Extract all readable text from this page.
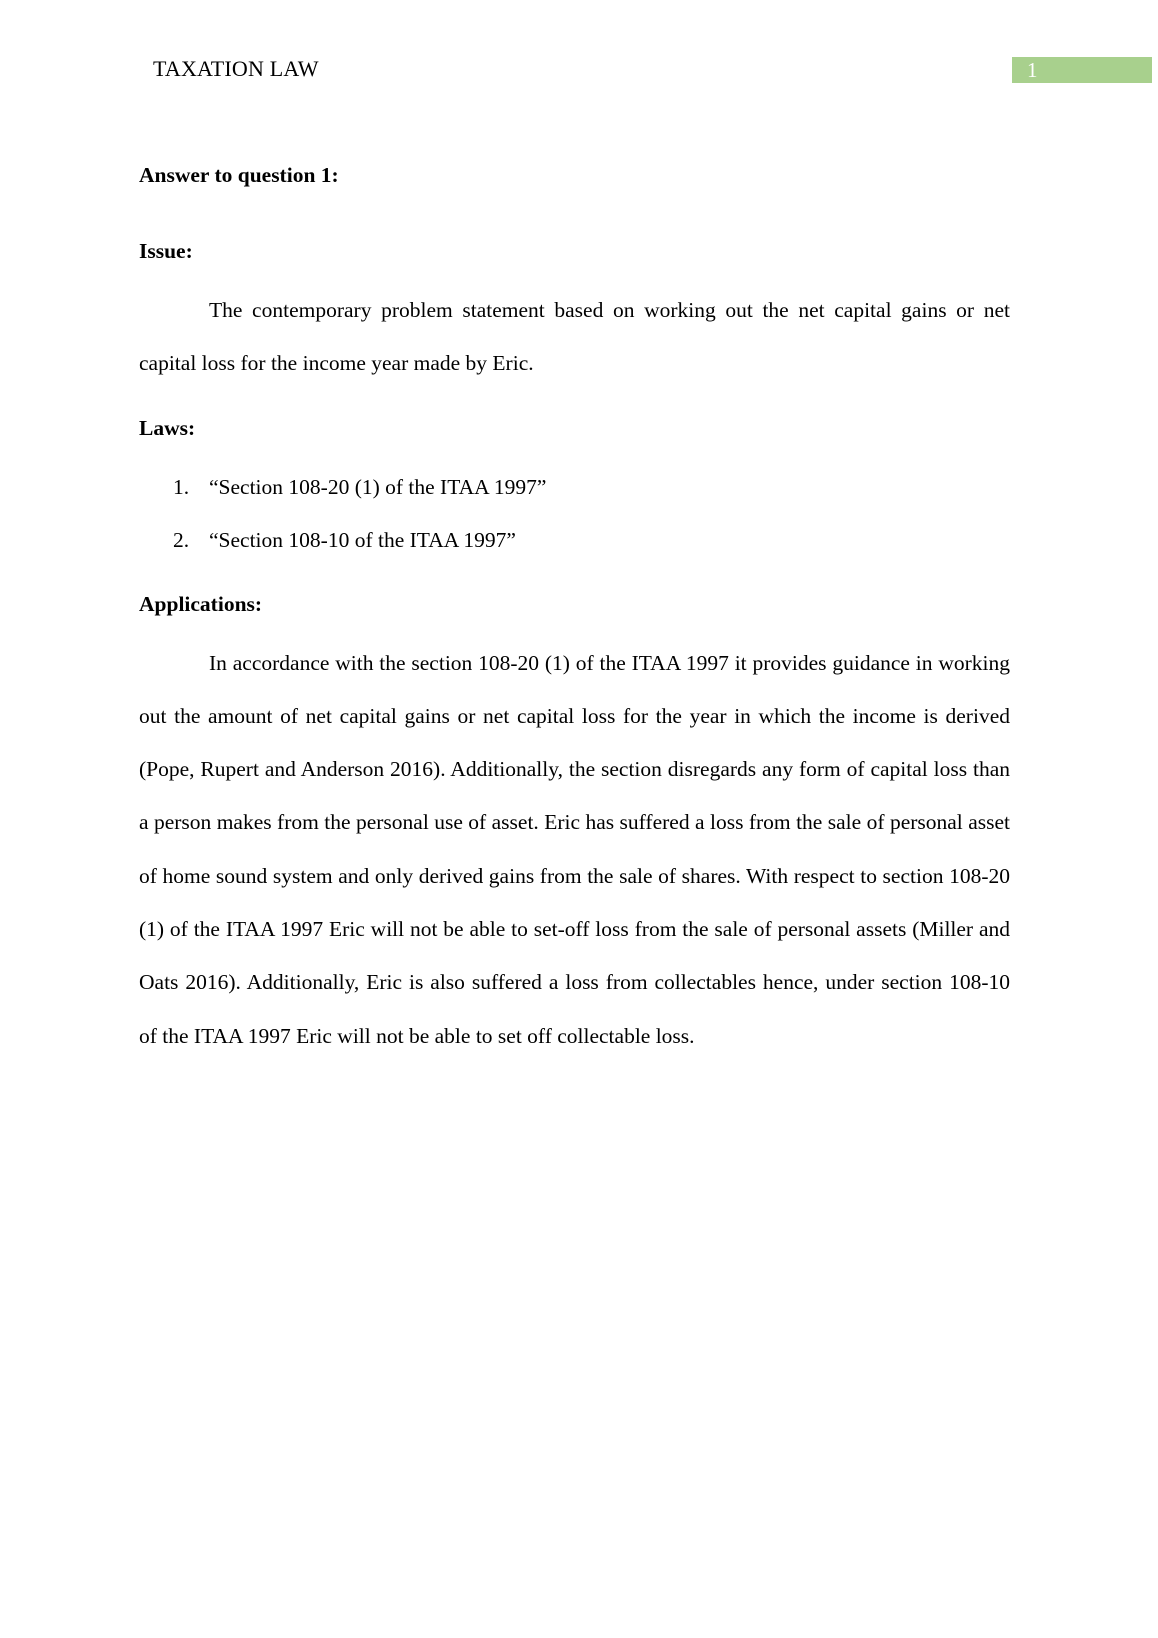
TAXATION LAW	1

Answer to question 1:

Issue:

The contemporary problem statement based on working out the net capital gains or net capital loss for the income year made by Eric.

Laws:

1. “Section 108-20 (1) of the ITAA 1997”
2. “Section 108-10 of the ITAA 1997”

Applications:

In accordance with the section 108-20 (1) of the ITAA 1997 it provides guidance in working out the amount of net capital gains or net capital loss for the year in which the income is derived (Pope, Rupert and Anderson 2016). Additionally, the section disregards any form of capital loss than a person makes from the personal use of asset. Eric has suffered a loss from the sale of personal asset of home sound system and only derived gains from the sale of shares. With respect to section 108-20 (1) of the ITAA 1997 Eric will not be able to set-off loss from the sale of personal assets (Miller and Oats 2016). Additionally, Eric is also suffered a loss from collectables hence, under section 108-10 of the ITAA 1997 Eric will not be able to set off collectable loss.
